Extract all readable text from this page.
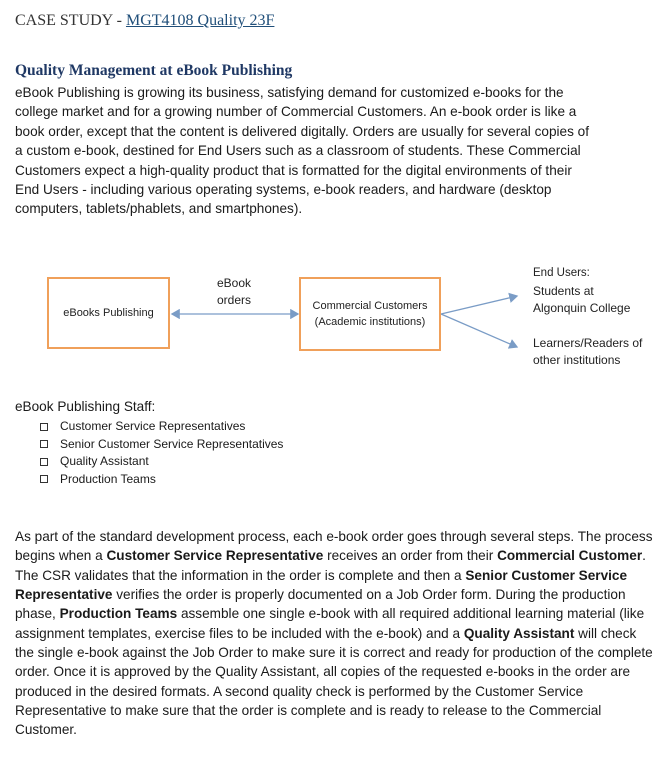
CASE STUDY - MGT4108 Quality 23F
Quality Management at eBook Publishing
eBook Publishing is growing its business, satisfying demand for customized e-books for the
college market and for a growing number of Commercial Customers. An e-book order is like a
book order, except that the content is delivered digitally. Orders are usually for several copies of
a custom e-book, destined for End Users such as a classroom of students. These Commercial
Customers expect a high-quality product that is formatted for the digital environments of their
End Users - including various operating systems, e-book readers, and hardware (desktop
computers, tablets/phablets, and smartphones).
eBooks Publishing
eBook
orders	Commercial Customers
(Academic institutions)
End Users:
Students at
Algonquin College
Learners/Readers of
other institutions
eBook Publishing Staff:
Customer Service Representatives
Senior Customer Service Representatives
Quality Assistant
Production Teams
As part of the standard development process, each e-book order goes through several steps. The process begins when a Customer Service Representative receives an order from their Commercial Customer. The CSR validates that the information in the order is complete and then a Senior Customer Service Representative verifies the order is properly documented on a Job Order form. During the production phase, Production Teams assemble one single e-book with all required additional learning material (like assignment templates, exercise files to be included with the e-book) and a Quality Assistant will check the single e-book against the Job Order to make sure it is correct and ready for production of the complete order. Once it is approved by the Quality Assistant, all copies of the requested e-books in the order are produced in the desired formats. A second quality check is performed by the Customer Service Representative to make sure that the order is complete and is ready to release to the Commercial Customer.
